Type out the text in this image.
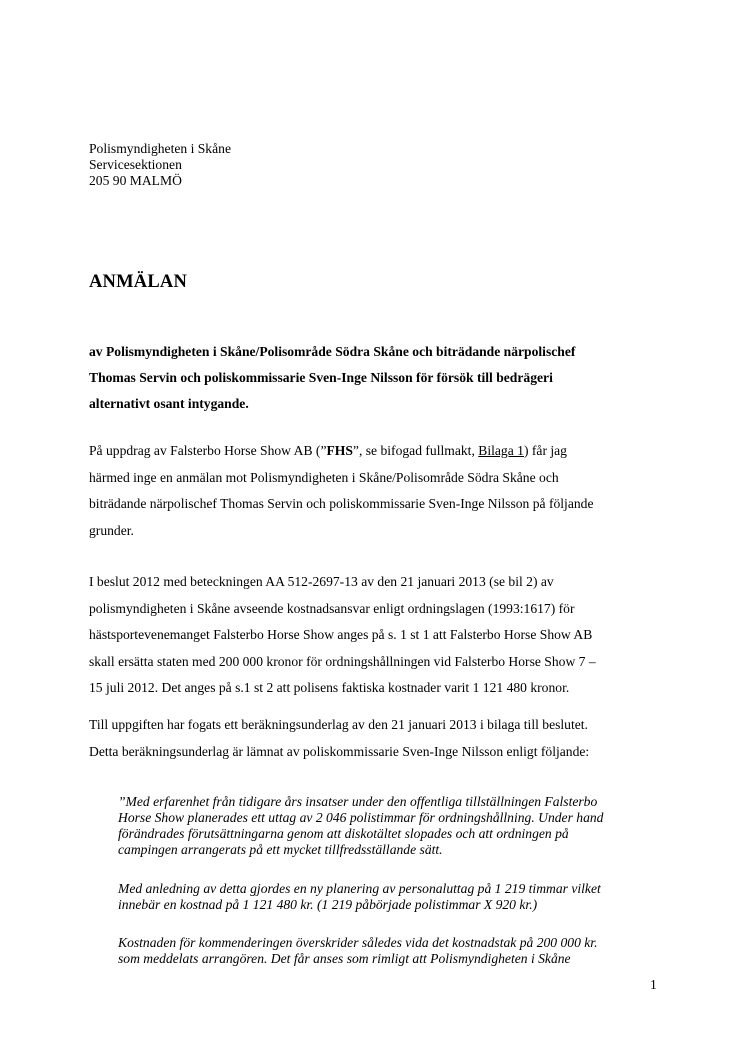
Polismyndigheten i Skåne
Servicesektionen
205 90 MALMÖ
ANMÄLAN
av Polismyndigheten i Skåne/Polisområde Södra Skåne och biträdande närpolischef
Thomas Servin och poliskommissarie Sven-Inge Nilsson för försök till bedrägeri
alternativt osant intygande.
På uppdrag av Falsterbo Horse Show AB (”FHS”, se bifogad fullmakt, Bilaga 1) får jag
härmed inge en anmälan mot Polismyndigheten i Skåne/Polisområde Södra Skåne och
biträdande närpolischef Thomas Servin och poliskommissarie Sven-Inge Nilsson på följande
grunder.
I beslut 2012 med beteckningen AA 512-2697-13 av den 21 januari 2013 (se bil 2) av
polismyndigheten i Skåne avseende kostnadsansvar enligt ordningslagen (1993:1617) för
hästsportevenemanget Falsterbo Horse Show anges på s. 1 st 1 att Falsterbo Horse Show AB
skall ersätta staten med 200 000 kronor för ordningshållningen vid Falsterbo Horse Show 7 –
15 juli 2012. Det anges på s.1 st 2 att polisens faktiska kostnader varit 1 121 480 kronor.
Till uppgiften har fogats ett beräkningsunderlag av den 21 januari 2013 i bilaga till beslutet.
Detta beräkningsunderlag är lämnat av poliskommissarie Sven-Inge Nilsson enligt följande:
”Med erfarenhet från tidigare års insatser under den offentliga tillställningen Falsterbo
Horse Show planerades ett uttag av 2 046 polistimmar för ordningshållning. Under hand
förändrades förutsättningarna genom att diskotältet slopades och att ordningen på
campingen arrangerats på ett mycket tillfredsställande sätt.
Med anledning av detta gjordes en ny planering av personaluttag på 1 219 timmar vilket
innebär en kostnad på 1 121 480 kr. (1 219 påbörjade polistimmar X 920 kr.)
Kostnaden för kommenderingen överskrider således vida det kostnadstak på 200 000 kr.
som meddelats arrangören. Det får anses som rimligt att Polismyndigheten i Skåne
1
